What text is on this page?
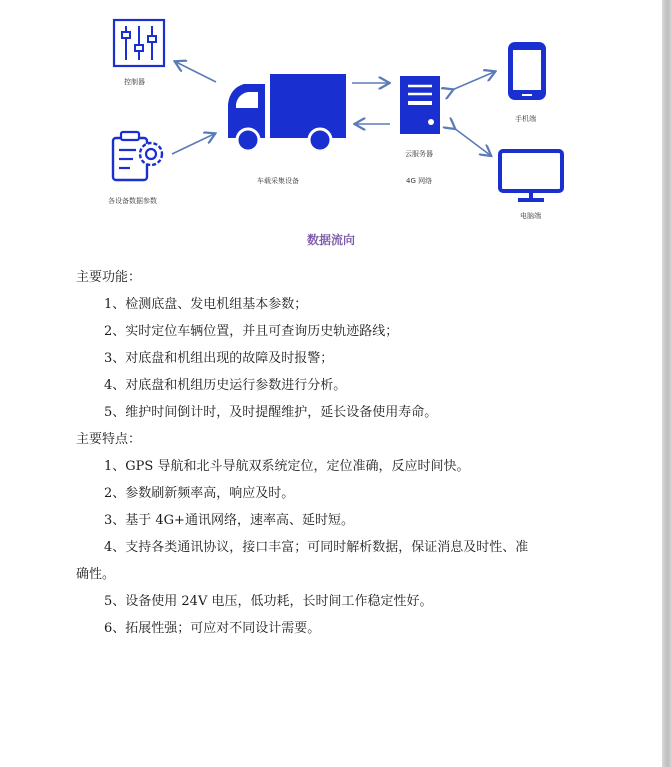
控制器
各设备数据参数
车载采集设备
云服务器
4G 网络
手机端
电脑端
数据流向
主要功能：
1、检测底盘、发电机组基本参数；
2、实时定位车辆位置，并且可查询历史轨迹路线；
3、对底盘和机组出现的故障及时报警；
4、对底盘和机组历史运行参数进行分析。
5、维护时间倒计时，及时提醒维护，延长设备使用寿命。
主要特点：
1、GPS 导航和北斗导航双系统定位，定位准确，反应时间快。
2、参数刷新频率高，响应及时。
3、基于 4G+通讯网络，速率高、延时短。
4、支持各类通讯协议，接口丰富；可同时解析数据，保证消息及时性、准
确性。
5、设备使用 24V 电压，低功耗，长时间工作稳定性好。
6、拓展性强；可应对不同设计需要。
